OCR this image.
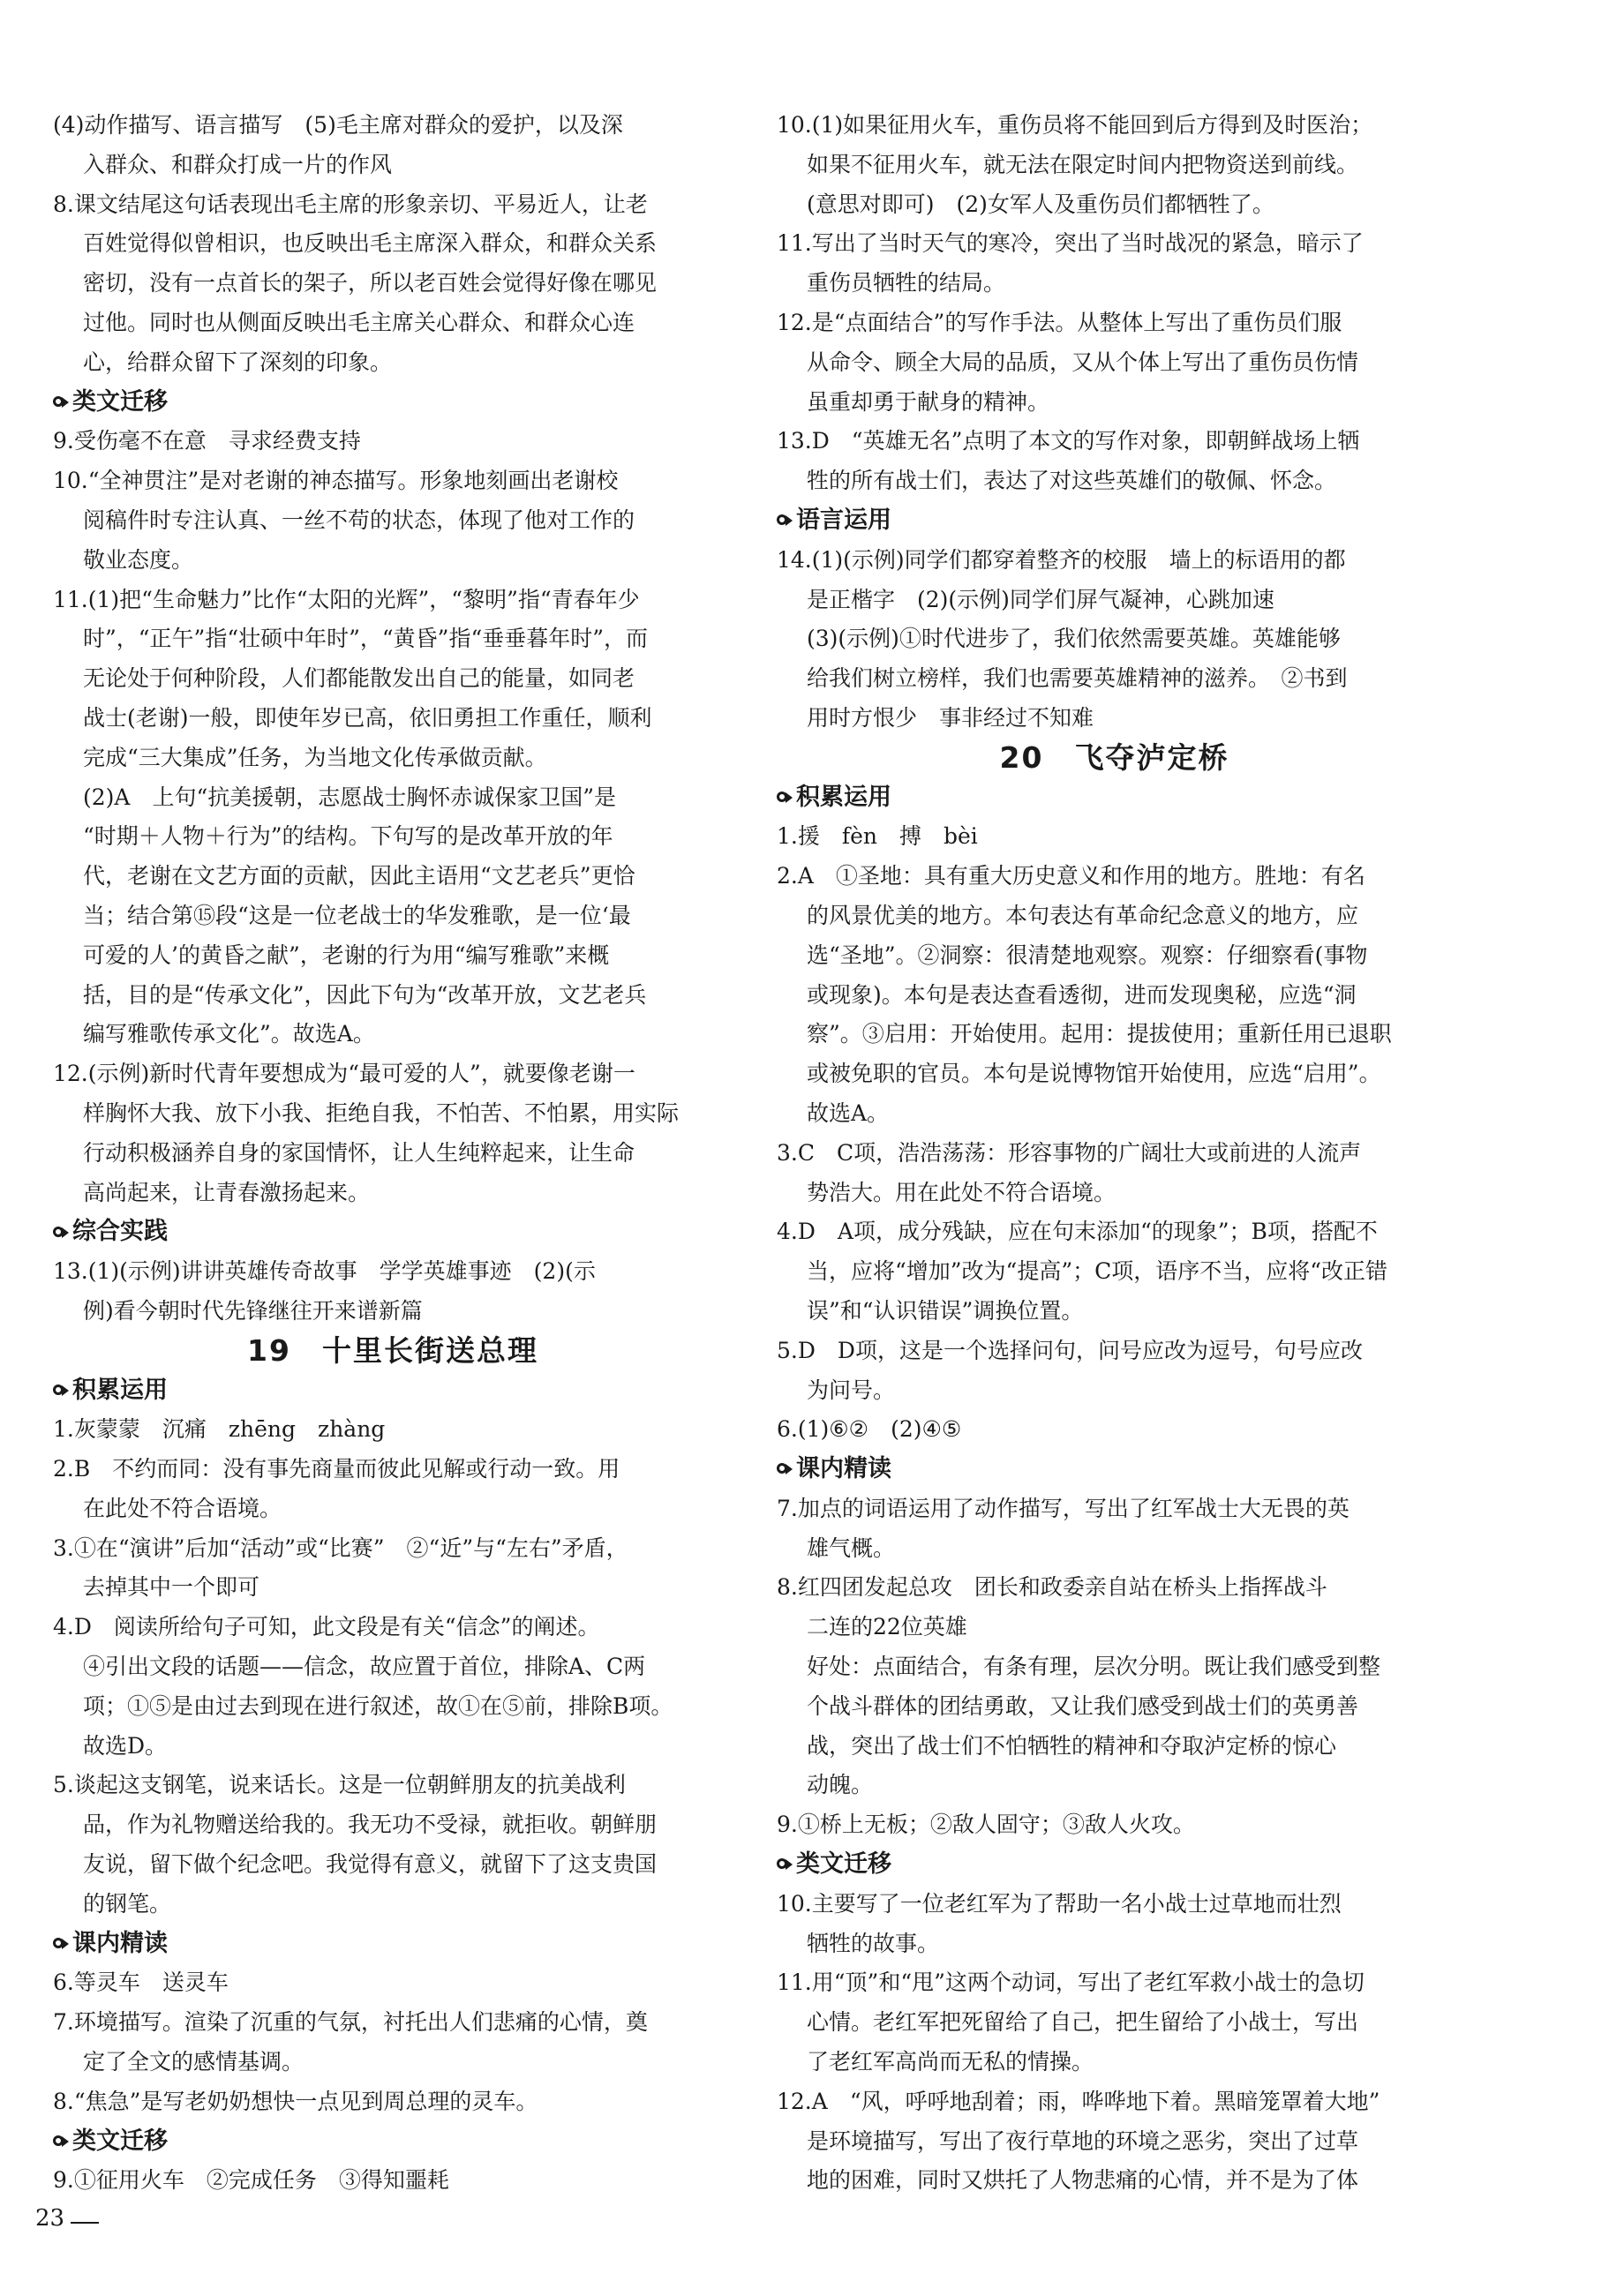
(4)动作描写、语言描写　(5)毛主席对群众的爱护，以及深
入群众、和群众打成一片的作风
8.课文结尾这句话表现出毛主席的形象亲切、平易近人，让老
百姓觉得似曾相识，也反映出毛主席深入群众，和群众关系
密切，没有一点首长的架子，所以老百姓会觉得好像在哪见
过他。同时也从侧面反映出毛主席关心群众、和群众心连
心，给群众留下了深刻的印象。
类文迁移
9.受伤毫不在意　寻求经费支持
10.“全神贯注”是对老谢的神态描写。形象地刻画出老谢校
阅稿件时专注认真、一丝不苟的状态，体现了他对工作的
敬业态度。
11.(1)把“生命魅力”比作“太阳的光辉”，“黎明”指“青春年少
时”，“正午”指“壮硕中年时”，“黄昏”指“垂垂暮年时”，而
无论处于何种阶段，人们都能散发出自己的能量，如同老
战士(老谢)一般，即使年岁已高，依旧勇担工作重任，顺利
完成“三大集成”任务，为当地文化传承做贡献。
(2)A　上句“抗美援朝，志愿战士胸怀赤诚保家卫国”是
“时期＋人物＋行为”的结构。下句写的是改革开放的年
代，老谢在文艺方面的贡献，因此主语用“文艺老兵”更恰
当；结合第⑮段“这是一位老战士的华发雅歌，是一位‘最
可爱的人’的黄昏之献”，老谢的行为用“编写雅歌”来概
括，目的是“传承文化”，因此下句为“改革开放，文艺老兵
编写雅歌传承文化”。故选A。
12.(示例)新时代青年要想成为“最可爱的人”，就要像老谢一
样胸怀大我、放下小我、拒绝自我，不怕苦、不怕累，用实际
行动积极涵养自身的家国情怀，让人生纯粹起来，让生命
高尚起来，让青春激扬起来。
综合实践
13.(1)(示例)讲讲英雄传奇故事　学学英雄事迹　(2)(示
例)看今朝时代先锋继往开来谱新篇
19　十里长街送总理
积累运用
1.灰蒙蒙　沉痛　zhēng　zhàng
2.B　不约而同：没有事先商量而彼此见解或行动一致。用
在此处不符合语境。
3.①在“演讲”后加“活动”或“比赛”　②“近”与“左右”矛盾，
去掉其中一个即可
4.D　阅读所给句子可知，此文段是有关“信念”的阐述。
④引出文段的话题——信念，故应置于首位，排除A、C两
项；①⑤是由过去到现在进行叙述，故①在⑤前，排除B项。
故选D。
5.谈起这支钢笔，说来话长。这是一位朝鲜朋友的抗美战利
品，作为礼物赠送给我的。我无功不受禄，就拒收。朝鲜朋
友说，留下做个纪念吧。我觉得有意义，就留下了这支贵国
的钢笔。
课内精读
6.等灵车　送灵车
7.环境描写。渲染了沉重的气氛，衬托出人们悲痛的心情，奠
定了全文的感情基调。
8.“焦急”是写老奶奶想快一点见到周总理的灵车。
类文迁移
9.①征用火车　②完成任务　③得知噩耗
10.(1)如果征用火车，重伤员将不能回到后方得到及时医治；
如果不征用火车，就无法在限定时间内把物资送到前线。
(意思对即可)　(2)女军人及重伤员们都牺牲了。
11.写出了当时天气的寒冷，突出了当时战况的紧急，暗示了
重伤员牺牲的结局。
12.是“点面结合”的写作手法。从整体上写出了重伤员们服
从命令、顾全大局的品质，又从个体上写出了重伤员伤情
虽重却勇于献身的精神。
13.D　“英雄无名”点明了本文的写作对象，即朝鲜战场上牺
牲的所有战士们，表达了对这些英雄们的敬佩、怀念。
语言运用
14.(1)(示例)同学们都穿着整齐的校服　墙上的标语用的都
是正楷字　(2)(示例)同学们屏气凝神，心跳加速
(3)(示例)①时代进步了，我们依然需要英雄。英雄能够
给我们树立榜样，我们也需要英雄精神的滋养。　②书到
用时方恨少　事非经过不知难
20　飞夺泸定桥
积累运用
1.援　fèn　搏　bèi
2.A　①圣地：具有重大历史意义和作用的地方。胜地：有名
的风景优美的地方。本句表达有革命纪念意义的地方，应
选“圣地”。②洞察：很清楚地观察。观察：仔细察看(事物
或现象)。本句是表达查看透彻，进而发现奥秘，应选“洞
察”。③启用：开始使用。起用：提拔使用；重新任用已退职
或被免职的官员。本句是说博物馆开始使用，应选“启用”。
故选A。
3.C　C项，浩浩荡荡：形容事物的广阔壮大或前进的人流声
势浩大。用在此处不符合语境。
4.D　A项，成分残缺，应在句末添加“的现象”；B项，搭配不
当，应将“增加”改为“提高”；C项，语序不当，应将“改正错
误”和“认识错误”调换位置。
5.D　D项，这是一个选择问句，问号应改为逗号，句号应改
为问号。
6.(1)⑥②　(2)④⑤
课内精读
7.加点的词语运用了动作描写，写出了红军战士大无畏的英
雄气概。
8.红四团发起总攻　团长和政委亲自站在桥头上指挥战斗
二连的22位英雄
好处：点面结合，有条有理，层次分明。既让我们感受到整
个战斗群体的团结勇敢，又让我们感受到战士们的英勇善
战，突出了战士们不怕牺牲的精神和夺取泸定桥的惊心
动魄。
9.①桥上无板；②敌人固守；③敌人火攻。
类文迁移
10.主要写了一位老红军为了帮助一名小战士过草地而壮烈
牺牲的故事。
11.用“顶”和“甩”这两个动词，写出了老红军救小战士的急切
心情。老红军把死留给了自己，把生留给了小战士，写出
了老红军高尚而无私的情操。
12.A　“风，呼呼地刮着；雨，哗哗地下着。黑暗笼罩着大地”
是环境描写，写出了夜行草地的环境之恶劣，突出了过草
地的困难，同时又烘托了人物悲痛的心情，并不是为了体
23
